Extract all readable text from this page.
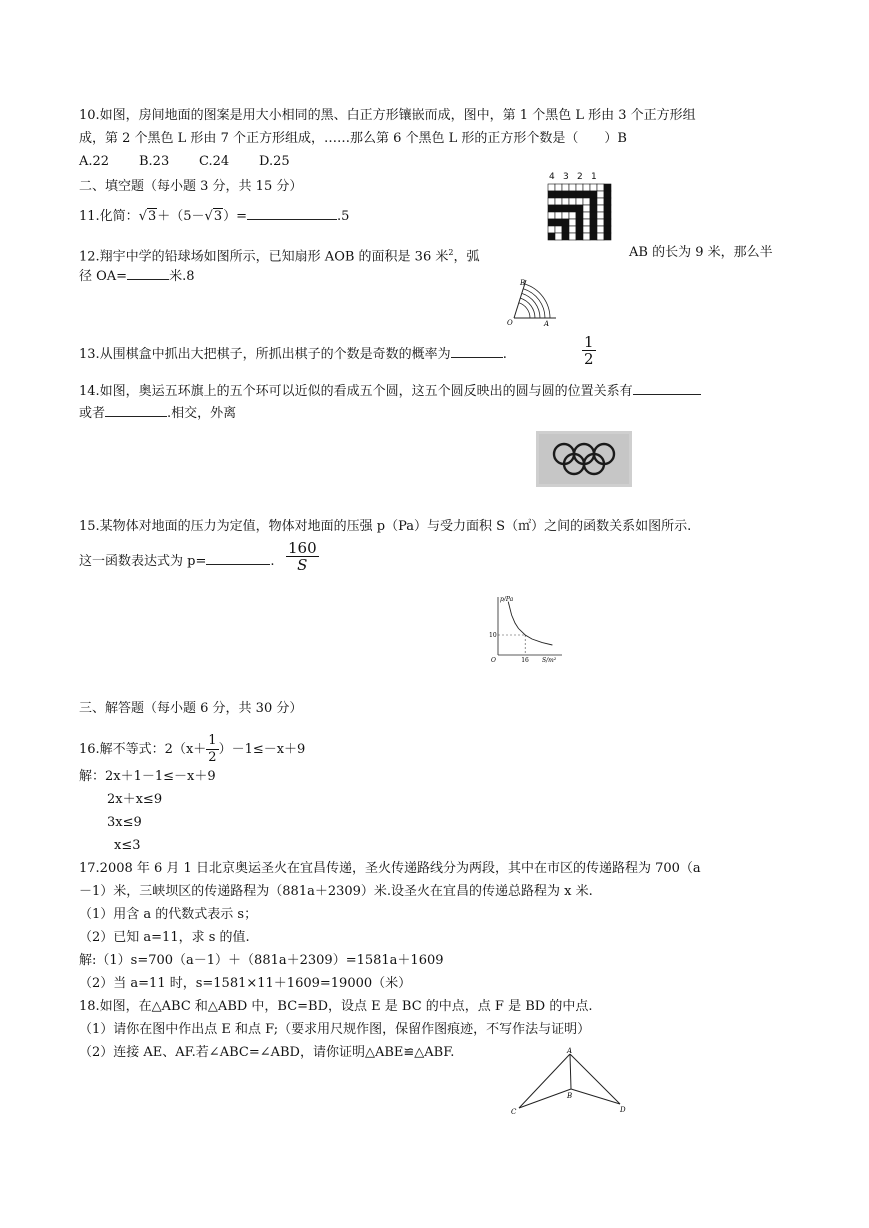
10.如图，房间地面的图案是用大小相同的黑、白正方形镶嵌而成，图中，第 1 个黑色 L 形由 3 个正方形组
成，第 2 个黑色 L 形由 7 个正方形组成，……那么第 6 个黑色 L 形的正方形个数是（　　）B
A.22 B.23 C.24 D.25
二、填空题（每小题 3 分，共 15 分）
4 3 2 1
11.化简：√3＋（5－√3）=	.5
12.翔宇中学的铅球场如图所示，已知扇形 AOB 的面积是 36 米$^2$，弧	AB 的长为 9 米，那么半
径 OA=	米.8	B
O	A
13.从围棋盒中抓出大把棋子，所抓出棋子的个数是奇数的概率为	.	$\frac{1}{2}$
14.如图，奥运五环旗上的五个环可以近似的看成五个圆，这五个圆反映出的圆与圆的位置关系有
或者	.相交，外离
15.某物体对地面的压力为定值，物体对地面的压强 p（Pa）与受力面积 S（㎡）之间的函数关系如图所示.
这一函数表达式为 p=	. $\frac{160}{S}$
p/Pa
S/m²
O	16
10
三、解答题（每小题 6 分，共 30 分）
16.解不等式：$2(x+ \frac{1}{2} )-1\le-x+9$
解：2x＋1－1≤－x＋9
2x＋x≤9
3x≤9
x≤3
17.2008 年 6 月 1 日北京奥运圣火在宜昌传递，圣火传递路线分为两段，其中在市区的传递路程为 700（a
－1）米，三峡坝区的传递路程为（881a＋2309）米.设圣火在宜昌的传递总路程为 x 米.
（1）用含 a 的代数式表示 s；
（2）已知 a=11，求 s 的值.
解:（1）s=700（a－1）＋（881a＋2309）=1581a＋1609
（2）当 a=11 时，s=1581×11＋1609=19000（米）
18.如图，在△ABC 和△ABD 中，BC=BD，设点 E 是 BC 的中点，点 F 是 BD 的中点.
（1）请你在图中作出点 E 和点 F;（要求用尺规作图，保留作图痕迹，不写作法与证明）
（2）连接 AE、AF.若∠ABC=∠ABD，请你证明△ABE≌△ABF.	A
B
C	D
